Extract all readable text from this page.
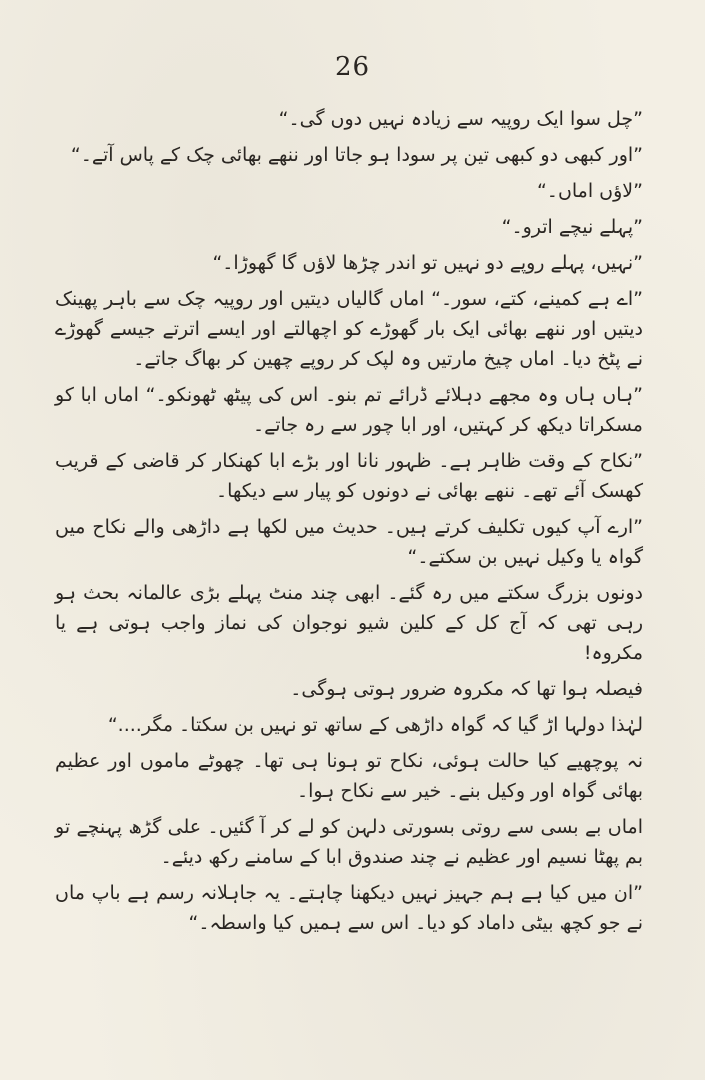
26

”چل سوا ایک روپیہ سے زیادہ نہیں دوں گی۔“

”اور کبھی دو کبھی تین پر سودا ہو جاتا اور ننھے بھائی چک کے پاس آتے۔“

”لاؤں اماں۔“

”پہلے نیچے اترو۔“

”نہیں، پہلے روپے دو نہیں تو اندر چڑھا لاؤں گا گھوڑا۔“

”اے ہے کمینے، کتے، سور۔“ اماں گالیاں دیتیں اور روپیہ چک سے باہر پھینک دیتیں اور ننھے بھائی ایک بار گھوڑے کو اچھالتے اور ایسے اترتے جیسے گھوڑے نے پٹخ دیا۔ اماں چیخ مارتیں وہ لپک کر روپے چھین کر بھاگ جاتے۔

”ہاں ہاں وہ مجھے دہلائے ڈرائے تم بنو۔ اس کی پیٹھ ٹھونکو۔“ اماں ابا کو مسکراتا دیکھ کر کہتیں، اور ابا چور سے رہ جاتے۔

”نکاح کے وقت ظاہر ہے۔ ظہور نانا اور بڑے ابا کھنکار کر قاضی کے قریب کھسک آئے تھے۔ ننھے بھائی نے دونوں کو پیار سے دیکھا۔

”ارے آپ کیوں تکلیف کرتے ہیں۔ حدیث میں لکھا ہے داڑھی والے نکاح میں گواہ یا وکیل نہیں بن سکتے۔“

دونوں بزرگ سکتے میں رہ گئے۔ ابھی چند منٹ پہلے بڑی عالمانہ بحث ہو رہی تھی کہ آج کل کے کلین شیو نوجوان کی نماز واجب ہوتی ہے یا مکروہ!

فیصلہ ہوا تھا کہ مکروہ ضرور ہوتی ہوگی۔

لہٰذا دولہا اڑ گیا کہ گواہ داڑھی کے ساتھ تو نہیں بن سکتا۔ مگر....“

نہ پوچھیے کیا حالت ہوئی، نکاح تو ہونا ہی تھا۔ چھوٹے ماموں اور عظیم بھائی گواہ اور وکیل بنے۔ خیر سے نکاح ہوا۔

اماں بے بسی سے روتی بسورتی دلہن کو لے کر آ گئیں۔ علی گڑھ پہنچے تو بم پھٹا نسیم اور عظیم نے چند صندوق ابا کے سامنے رکھ دیئے۔

”ان میں کیا ہے ہم جہیز نہیں دیکھنا چاہتے۔ یہ جاہلانہ رسم ہے باپ ماں نے جو کچھ بیٹی داماد کو دیا۔ اس سے ہمیں کیا واسطہ۔“
